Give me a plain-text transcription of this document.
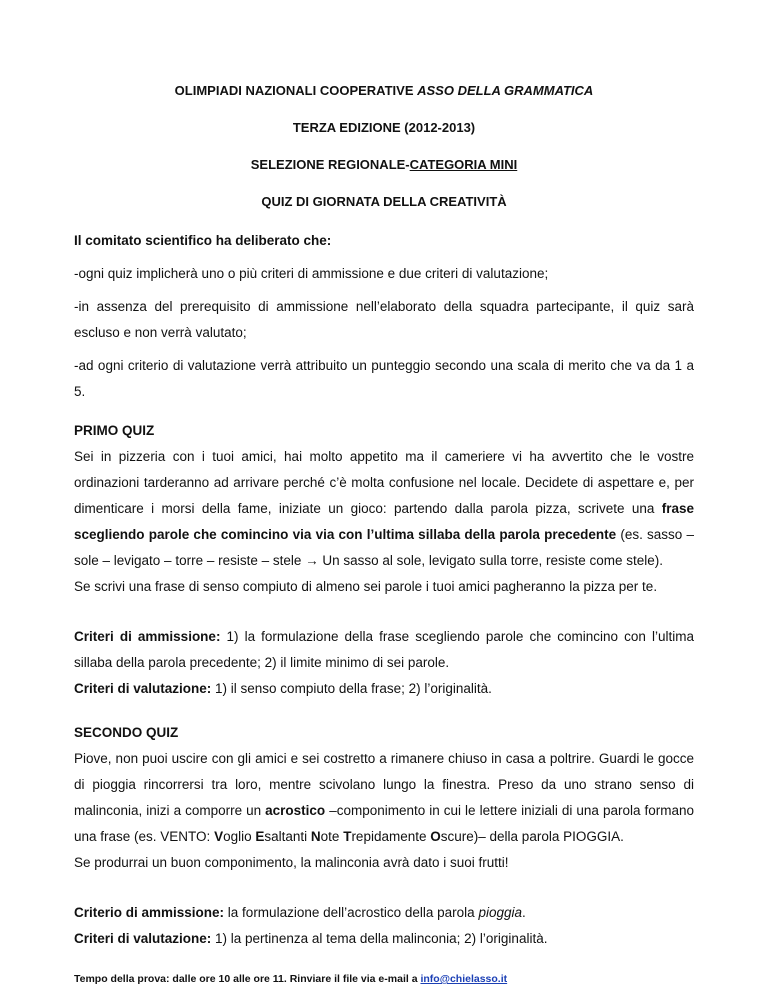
OLIMPIADI NAZIONALI COOPERATIVE ASSO DELLA GRAMMATICA

TERZA EDIZIONE (2012-2013)

SELEZIONE REGIONALE-CATEGORIA MINI

QUIZ DI GIORNATA DELLA CREATIVITÀ

Il comitato scientifico ha deliberato che:

-ogni quiz implicherà uno o più criteri di ammissione e due criteri di valutazione;

-in assenza del prerequisito di ammissione nell’elaborato della squadra partecipante, il quiz sarà escluso e non verrà valutato;

-ad ogni criterio di valutazione verrà attribuito un punteggio secondo una scala di merito che va da 1 a 5.

PRIMO QUIZ

Sei in pizzeria con i tuoi amici, hai molto appetito ma il cameriere vi ha avvertito che le vostre ordinazioni tarderanno ad arrivare perché c’è molta confusione nel locale. Decidete di aspettare e, per dimenticare i morsi della fame, iniziate un gioco: partendo dalla parola pizza, scrivete una frase scegliendo parole che comincino via via con l’ultima sillaba della parola precedente (es. sasso – sole – levigato – torre – resiste – stele → Un sasso al sole, levigato sulla torre, resiste come stele).

Se scrivi una frase di senso compiuto di almeno sei parole i tuoi amici pagheranno la pizza per te.

Criteri di ammissione: 1) la formulazione della frase scegliendo parole che comincino con l’ultima sillaba della parola precedente; 2) il limite minimo di sei parole.

Criteri di valutazione: 1) il senso compiuto della frase; 2) l’originalità.

SECONDO QUIZ

Piove, non puoi uscire con gli amici e sei costretto a rimanere chiuso in casa a poltrire. Guardi le gocce di pioggia rincorrersi tra loro, mentre scivolano lungo la finestra. Preso da uno strano senso di malinconia, inizi a comporre un acrostico –componimento in cui le lettere iniziali di una parola formano una frase (es. VENTO: Voglio Esaltanti Note Trepidamente Oscure)– della parola PIOGGIA.

Se produrrai un buon componimento, la malinconia avrà dato i suoi frutti!

Criterio di ammissione: la formulazione dell’acrostico della parola pioggia.

Criteri di valutazione: 1) la pertinenza al tema della malinconia; 2) l’originalità.

Tempo della prova: dalle ore 10 alle ore 11. Rinviare il file via e-mail a info@chielasso.it
